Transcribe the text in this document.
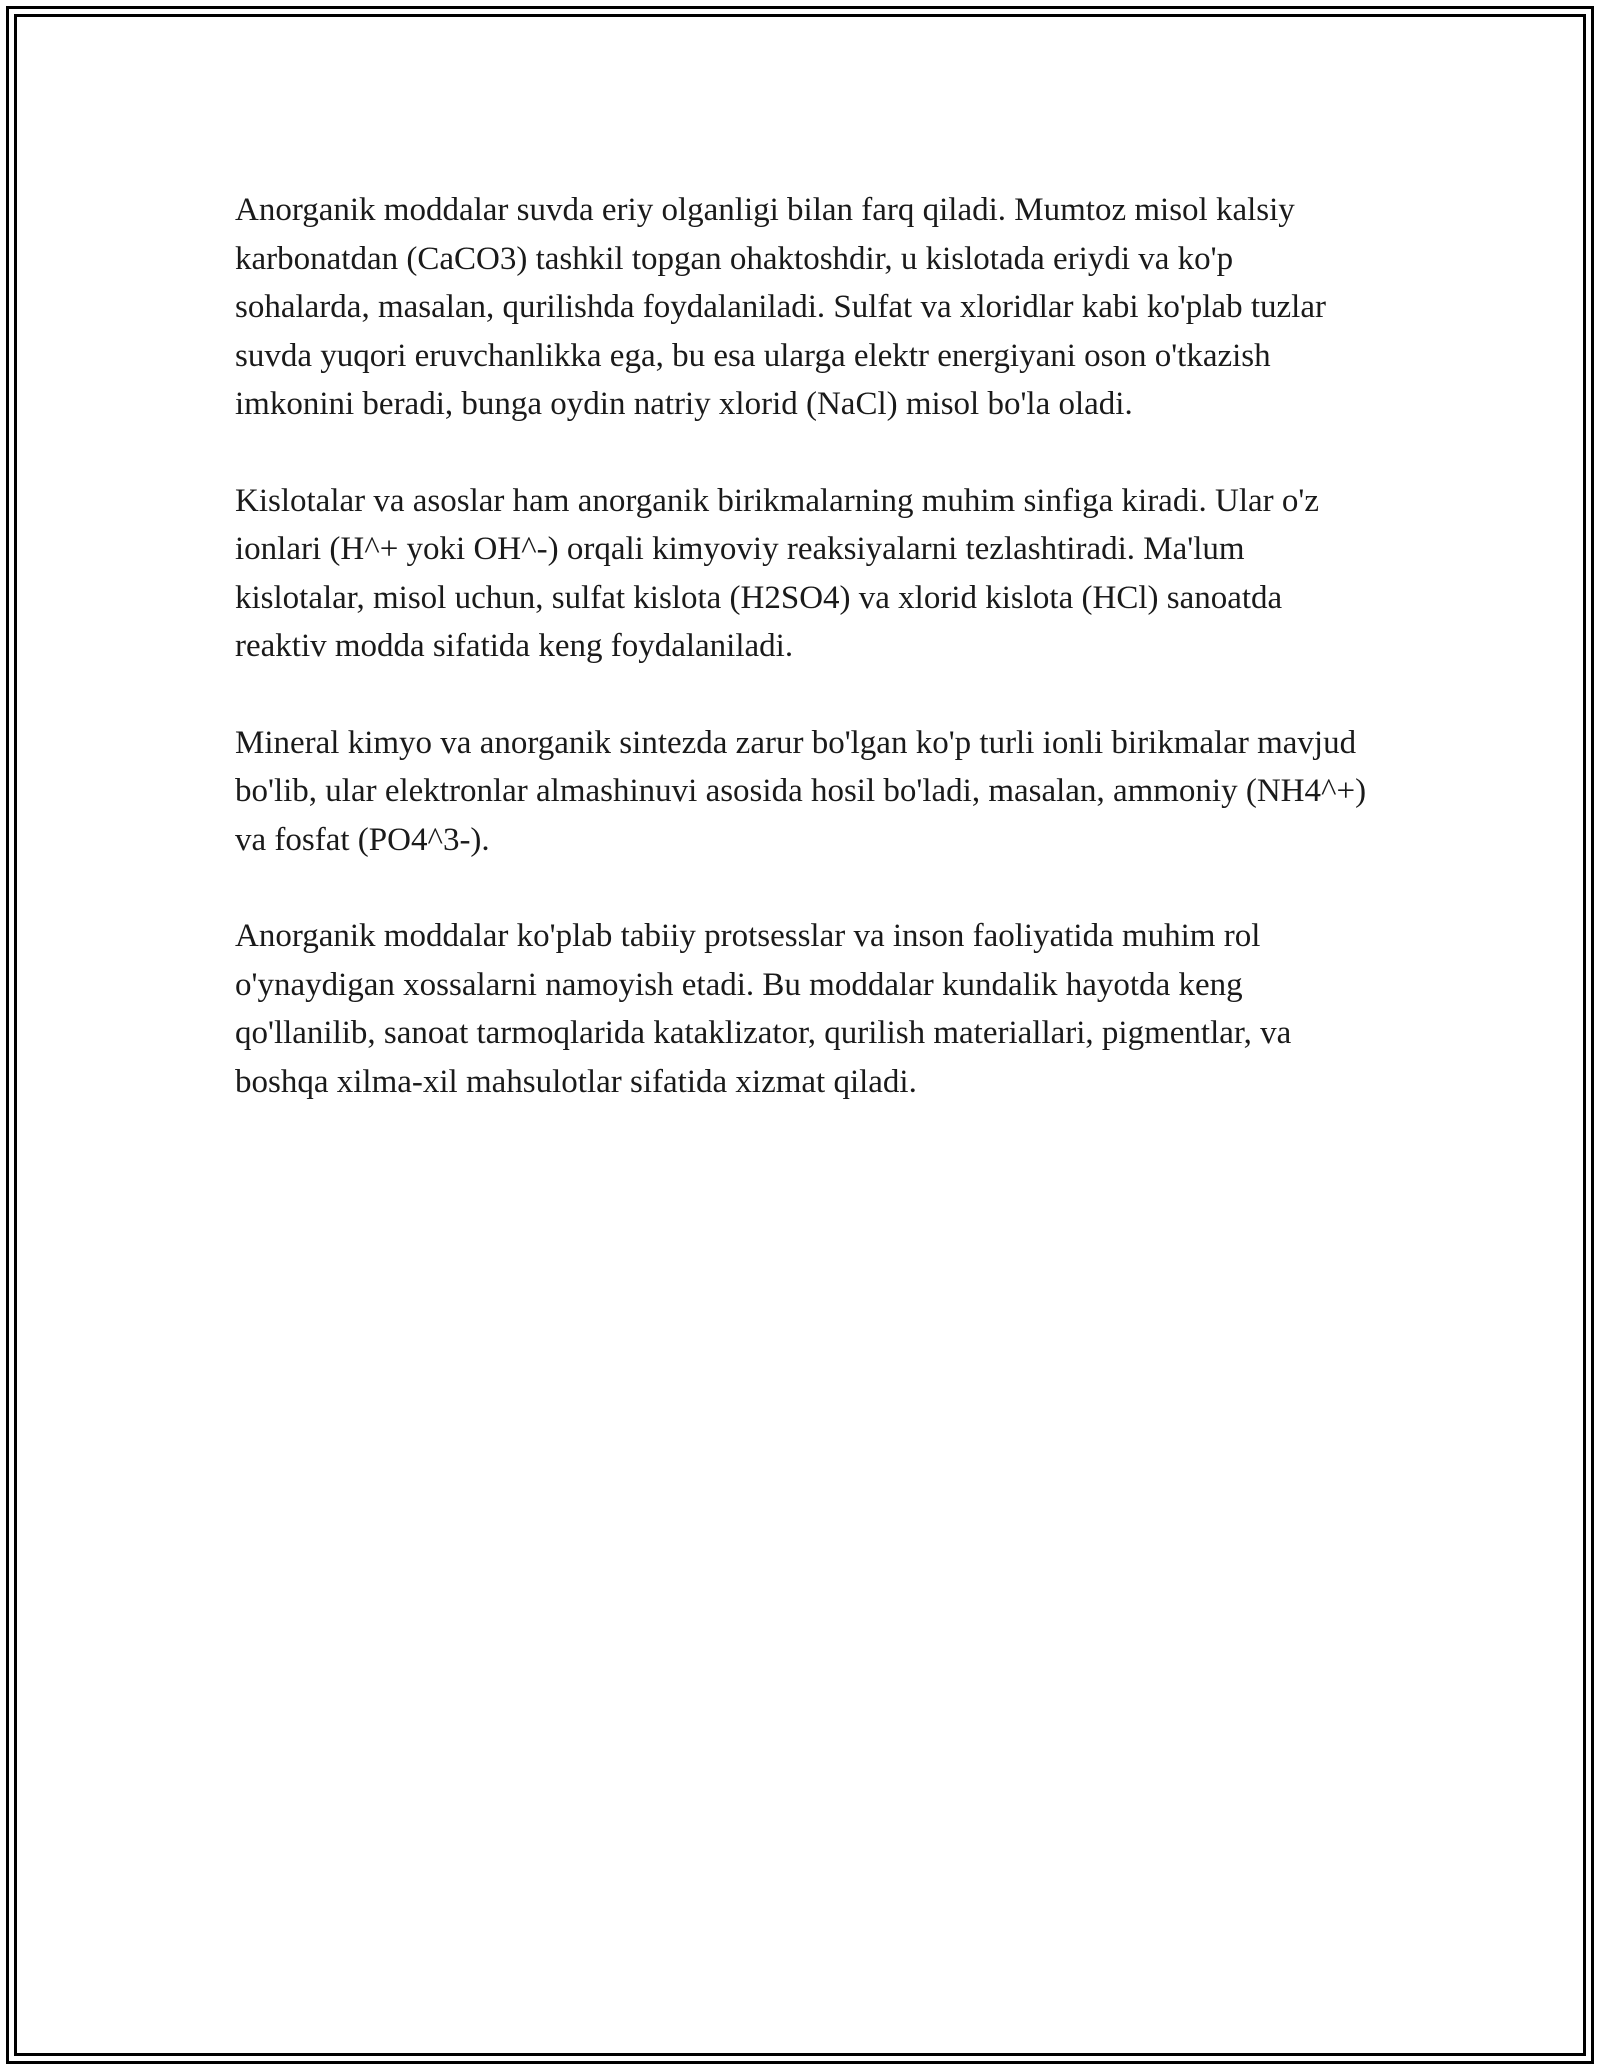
Anorganik moddalar suvda eriy olganligi bilan farq qiladi. Mumtoz misol kalsiy karbonatdan (CaCO3) tashkil topgan ohaktoshdir, u kislotada eriydi va ko'p sohalarda, masalan, qurilishda foydalaniladi. Sulfat va xloridlar kabi ko'plab tuzlar suvda yuqori eruvchanlikka ega, bu esa ularga elektr energiyani oson o'tkazish imkonini beradi, bunga oydin natriy xlorid (NaCl) misol bo'la oladi.

Kislotalar va asoslar ham anorganik birikmalarning muhim sinfiga kiradi. Ular o'z ionlari (H^+ yoki OH^-) orqali kimyoviy reaksiyalarni tezlashtiradi. Ma'lum kislotalar, misol uchun, sulfat kislota (H2SO4) va xlorid kislota (HCl) sanoatda reaktiv modda sifatida keng foydalaniladi.

Mineral kimyo va anorganik sintezda zarur bo'lgan ko'p turli ionli birikmalar mavjud bo'lib, ular elektronlar almashinuvi asosida hosil bo'ladi, masalan, ammoniy (NH4^+) va fosfat (PO4^3-).

Anorganik moddalar ko'plab tabiiy protsesslar va inson faoliyatida muhim rol o'ynaydigan xossalarni namoyish etadi. Bu moddalar kundalik hayotda keng qo'llanilib, sanoat tarmoqlarida kataklizator, qurilish materiallari, pigmentlar, va boshqa xilma-xil mahsulotlar sifatida xizmat qiladi.
